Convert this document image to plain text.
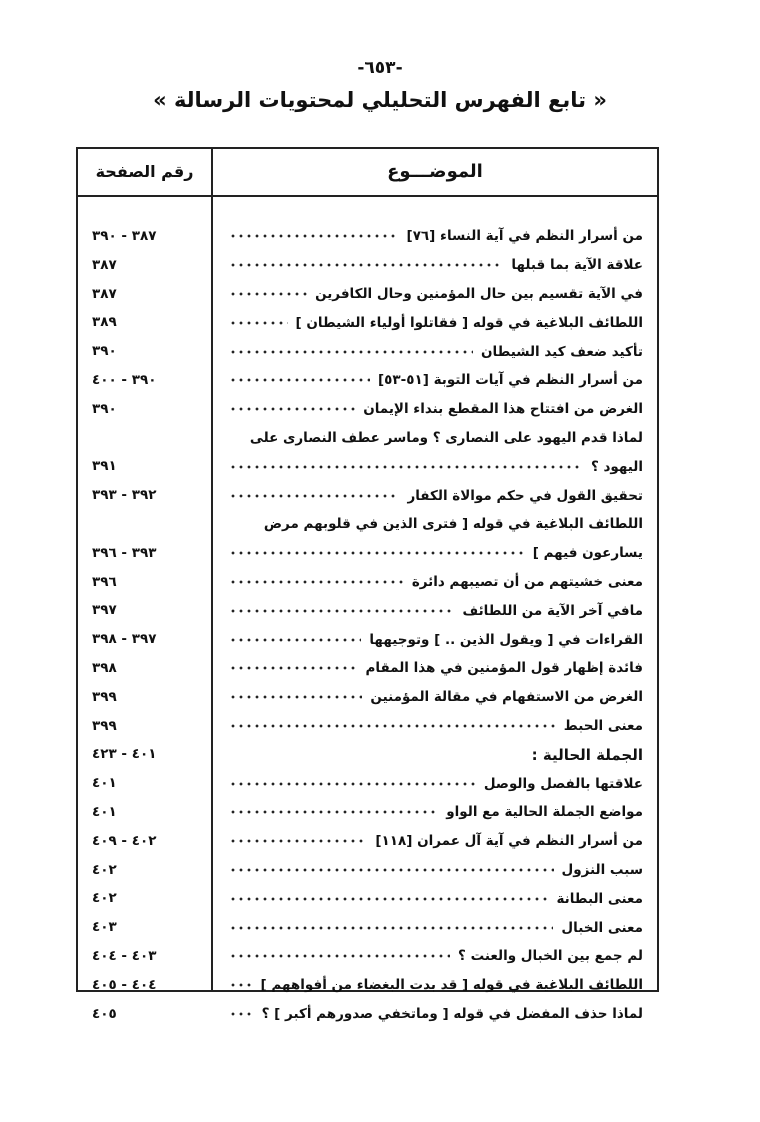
-٦٥٣-
« تابع الفهرس التحليلي لمحتويات الرسالة »
الموضـــوع
رقم الصفحة
٣٨٧ - ٣٩٠	من أسرار النظم في آية النساء [٧٦]
٣٨٧	علاقة الآية بما قبلها
٣٨٧	في الآية تقسيم بين حال المؤمنين وحال الكافرين
٣٨٩	اللطائف البلاغية في قوله [ فقاتلوا أولياء الشيطان ]
٣٩٠	تأكيد ضعف كيد الشيطان
٣٩٠ - ٤٠٠	من أسرار النظم في آيات التوبة [٥١-٥٣]
٣٩٠	الغرض من افتتاح هذا المقطع بنداء الإيمان
لماذا قدم اليهود على النصارى ؟ وماسر عطف النصارى على
٣٩١	اليهود ؟
٣٩٢ - ٣٩٣	تحقيق القول في حكم موالاة الكفار
اللطائف البلاغية في قوله [ فترى الذين في قلوبهم مرض
٣٩٣ - ٣٩٦	يسارعون فيهم ]
٣٩٦	معنى خشيتهم من أن تصيبهم دائرة
٣٩٧	مافي آخر الآية من اللطائف
٣٩٧ - ٣٩٨	القراءات في [ ويقول الذين .. ] وتوجيهها
٣٩٨	فائدة إظهار قول المؤمنين في هذا المقام
٣٩٩	الغرض من الاستفهام في مقالة المؤمنين
٣٩٩	معنى الحبط
٤٠١ - ٤٢٣	الجملة الحالية :
٤٠١	علاقتها بالفصل والوصل
٤٠١	مواضع الجملة الحالية مع الواو
٤٠٢ - ٤٠٩	من أسرار النظم في آية آل عمران [١١٨]
٤٠٢	سبب النزول
٤٠٢	معنى البطانة
٤٠٣	معنى الخبال
٤٠٣ - ٤٠٤	لم جمع بين الخبال والعنت ؟
٤٠٤ - ٤٠٥	اللطائف البلاغية في قوله [ قد بدت البغضاء من أفواههم ]
٤٠٥	لماذا حذف المفضل في قوله [ وماتخفي صدورهم أكبر ] ؟
